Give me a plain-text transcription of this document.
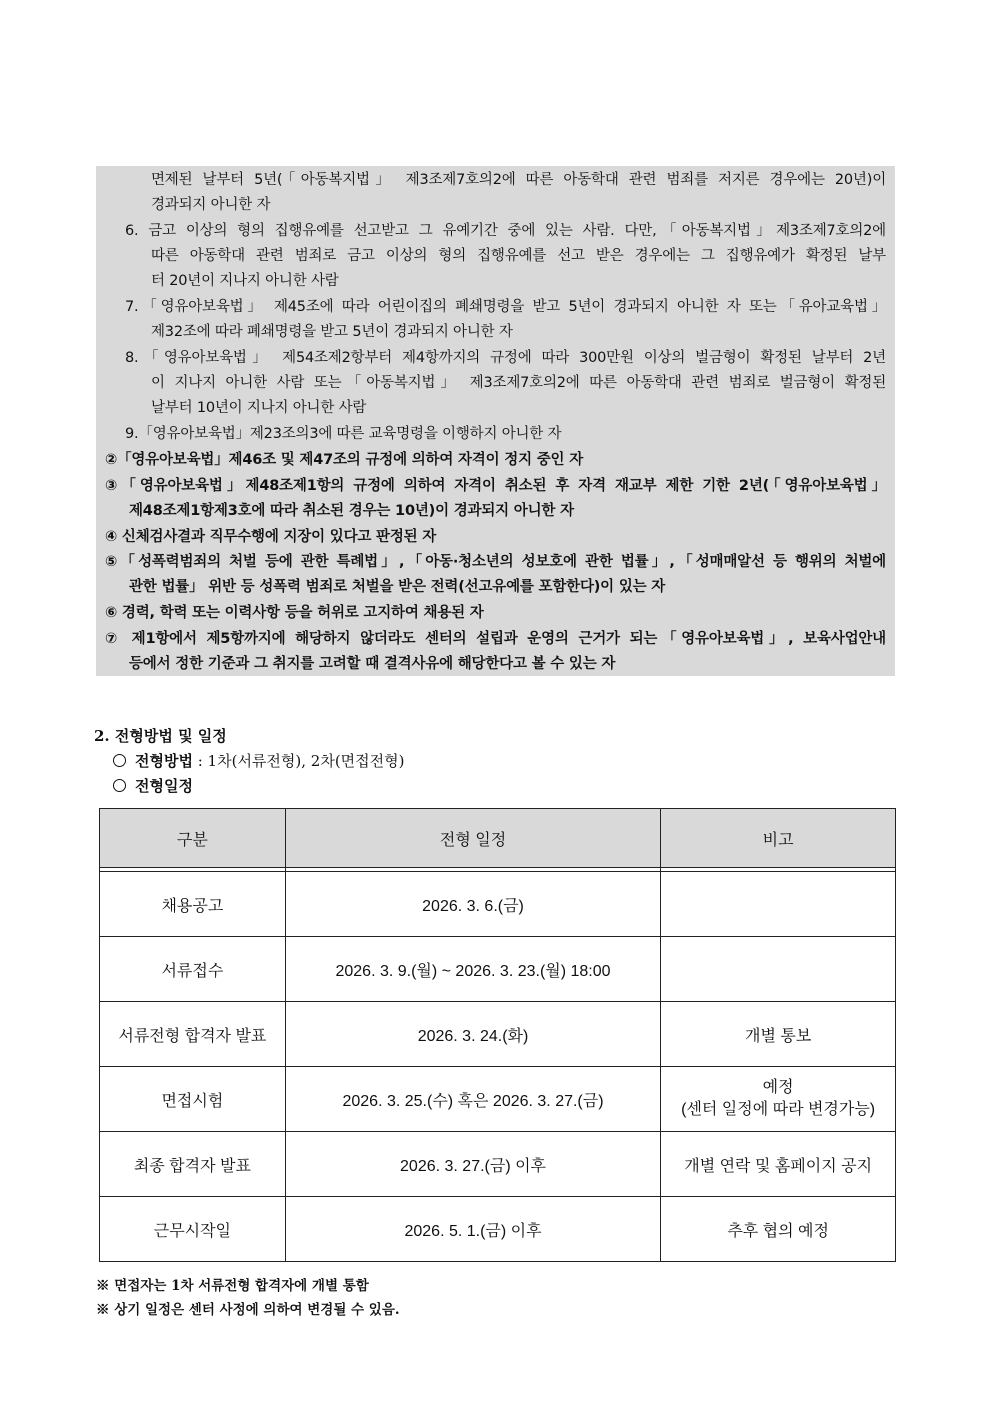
면제된 날부터 5년(「아동복지법」 제3조제7호의2에 따른 아동학대 관련 범죄를 저지른 경우에는 20년)이
경과되지 아니한 자
6. 금고 이상의 형의 집행유예를 선고받고 그 유예기간 중에 있는 사람. 다만,「아동복지법」제3조제7호의2에
따른 아동학대 관련 범죄로 금고 이상의 형의 집행유예를 선고 받은 경우에는 그 집행유예가 확정된 날부
터 20년이 지나지 아니한 사람
7.「영유아보육법」 제45조에 따라 어린이집의 폐쇄명령을 받고 5년이 경과되지 아니한 자 또는「유아교육법」
제32조에 따라 폐쇄명령을 받고 5년이 경과되지 아니한 자
8.「영유아보육법」 제54조제2항부터 제4항까지의 규정에 따라 300만원 이상의 벌금형이 확정된 날부터 2년
이 지나지 아니한 사람 또는「아동복지법」 제3조제7호의2에 따른 아동학대 관련 범죄로 벌금형이 확정된
날부터 10년이 지나지 아니한 사람
9.「영유아보육법」제23조의3에 따른 교육명령을 이행하지 아니한 자
②「영유아보육법」제46조 및 제47조의 규정에 의하여 자격이 정지 중인 자
③「영유아보육법」제48조제1항의 규정에 의하여 자격이 취소된 후 자격 재교부 제한 기한 2년(「영유아보육법」
제48조제1항제3호에 따라 취소된 경우는 10년)이 경과되지 아니한 자
④ 신체검사결과 직무수행에 지장이 있다고 판정된 자
⑤「성폭력범죄의 처벌 등에 관한 특례법」,「아동·청소년의 성보호에 관한 법률」,「성매매알선 등 행위의 처벌에
관한 법률」 위반 등 성폭력 범죄로 처벌을 받은 전력(선고유예를 포함한다)이 있는 자
⑥ 경력, 학력 또는 이력사항 등을 허위로 고지하여 채용된 자
⑦ 제1항에서 제5항까지에 해당하지 않더라도 센터의 설립과 운영의 근거가 되는「영유아보육법」, 보육사업안내
등에서 정한 기준과 그 취지를 고려할 때 결격사유에 해당한다고 볼 수 있는 자
2. 전형방법 및 일정
전형방법 : 1차(서류전형), 2차(면접전형)
전형일정
구분	전형 일정	비고

채용공고	2026. 3. 6.(금)	
서류접수	2026. 3. 9.(월) ~ 2026. 3. 23.(월) 18:00	
서류전형 합격자 발표	2026. 3. 24.(화)	개별 통보
면접시험	2026. 3. 25.(수) 혹은 2026. 3. 27.(금)	예정
(센터 일정에 따라 변경가능)
최종 합격자 발표	2026. 3. 27.(금) 이후	개별 연락 및 홈페이지 공지
근무시작일	2026. 5. 1.(금) 이후	추후 협의 예정
※ 면접자는 1차 서류전형 합격자에 개별 통함
※ 상기 일정은 센터 사정에 의하여 변경될 수 있음.
